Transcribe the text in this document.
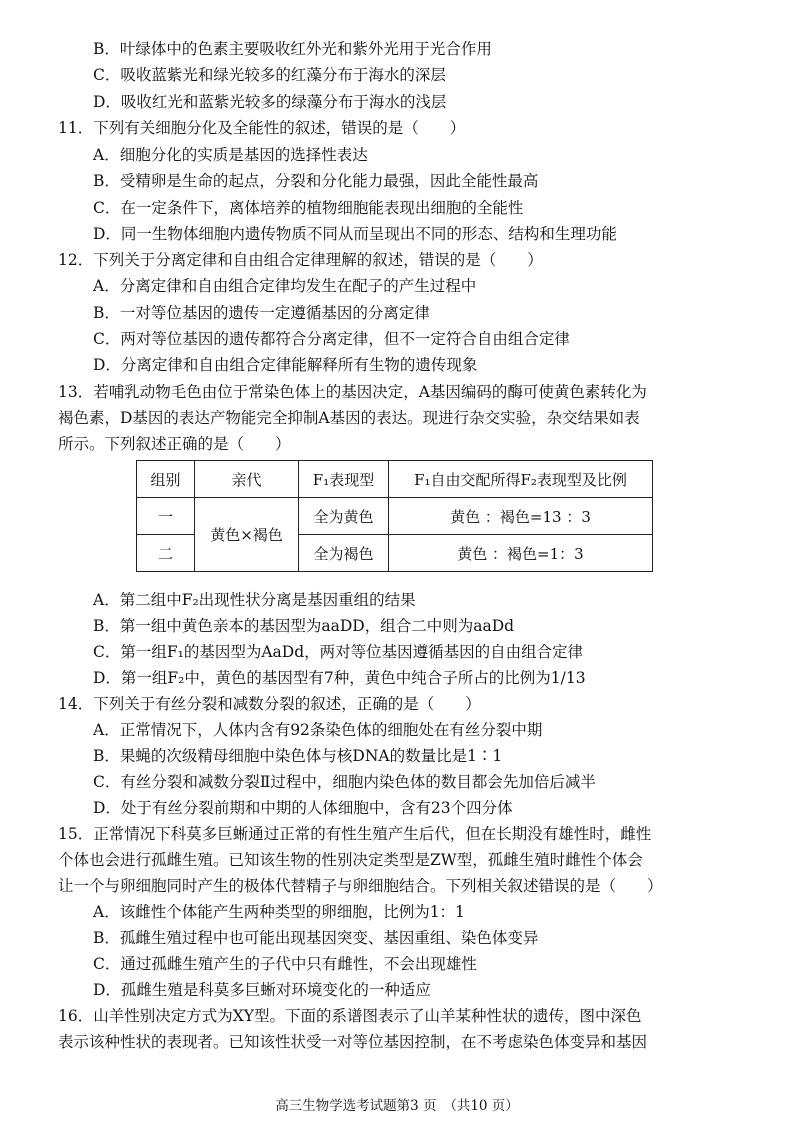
B．叶绿体中的色素主要吸收红外光和紫外光用于光合作用
C．吸收蓝紫光和绿光较多的红藻分布于海水的深层
D．吸收红光和蓝紫光较多的绿藻分布于海水的浅层
11．下列有关细胞分化及全能性的叙述，错误的是（　　）
A．细胞分化的实质是基因的选择性表达
B．受精卵是生命的起点，分裂和分化能力最强，因此全能性最高
C．在一定条件下，离体培养的植物细胞能表现出细胞的全能性
D．同一生物体细胞内遗传物质不同从而呈现出不同的形态、结构和生理功能
12．下列关于分离定律和自由组合定律理解的叙述，错误的是（　　）
A．分离定律和自由组合定律均发生在配子的产生过程中
B．一对等位基因的遗传一定遵循基因的分离定律
C．两对等位基因的遗传都符合分离定律，但不一定符合自由组合定律
D．分离定律和自由组合定律能解释所有生物的遗传现象
13．若哺乳动物毛色由位于常染色体上的基因决定，A基因编码的酶可使黄色素转化为
褐色素，D基因的表达产物能完全抑制A基因的表达。现进行杂交实验，杂交结果如表
所示。下列叙述正确的是（　　）
组别	亲代	F₁表现型	F₁自由交配所得F₂表现型及比例
一	黄色×褐色	全为黄色	黄色 ：褐色=13 ：3
二		全为褐色	黄色 ：褐色=1：3
A．第二组中F₂出现性状分离是基因重组的结果
B．第一组中黄色亲本的基因型为aaDD，组合二中则为aaDd
C．第一组F₁的基因型为AaDd，两对等位基因遵循基因的自由组合定律
D．第一组F₂中，黄色的基因型有7种，黄色中纯合子所占的比例为1/13
14．下列关于有丝分裂和减数分裂的叙述，正确的是（　　）
A．正常情况下，人体内含有92条染色体的细胞处在有丝分裂中期
B．果蝇的次级精母细胞中染色体与核DNA的数量比是1∶1
C．有丝分裂和减数分裂Ⅱ过程中，细胞内染色体的数目都会先加倍后减半
D．处于有丝分裂前期和中期的人体细胞中，含有23个四分体
15．正常情况下科莫多巨蜥通过正常的有性生殖产生后代，但在长期没有雄性时，雌性
个体也会进行孤雌生殖。已知该生物的性别决定类型是ZW型，孤雌生殖时雌性个体会
让一个与卵细胞同时产生的极体代替精子与卵细胞结合。下列相关叙述错误的是（　　）
A．该雌性个体能产生两种类型的卵细胞，比例为1：1
B．孤雌生殖过程中也可能出现基因突变、基因重组、染色体变异
C．通过孤雌生殖产生的子代中只有雌性，不会出现雄性
D．孤雌生殖是科莫多巨蜥对环境变化的一种适应
16．山羊性别决定方式为XY型。下面的系谱图表示了山羊某种性状的遗传，图中深色
表示该种性状的表现者。已知该性状受一对等位基因控制，在不考虑染色体变异和基因
高三生物学选考试题第3 页　（共10 页）
